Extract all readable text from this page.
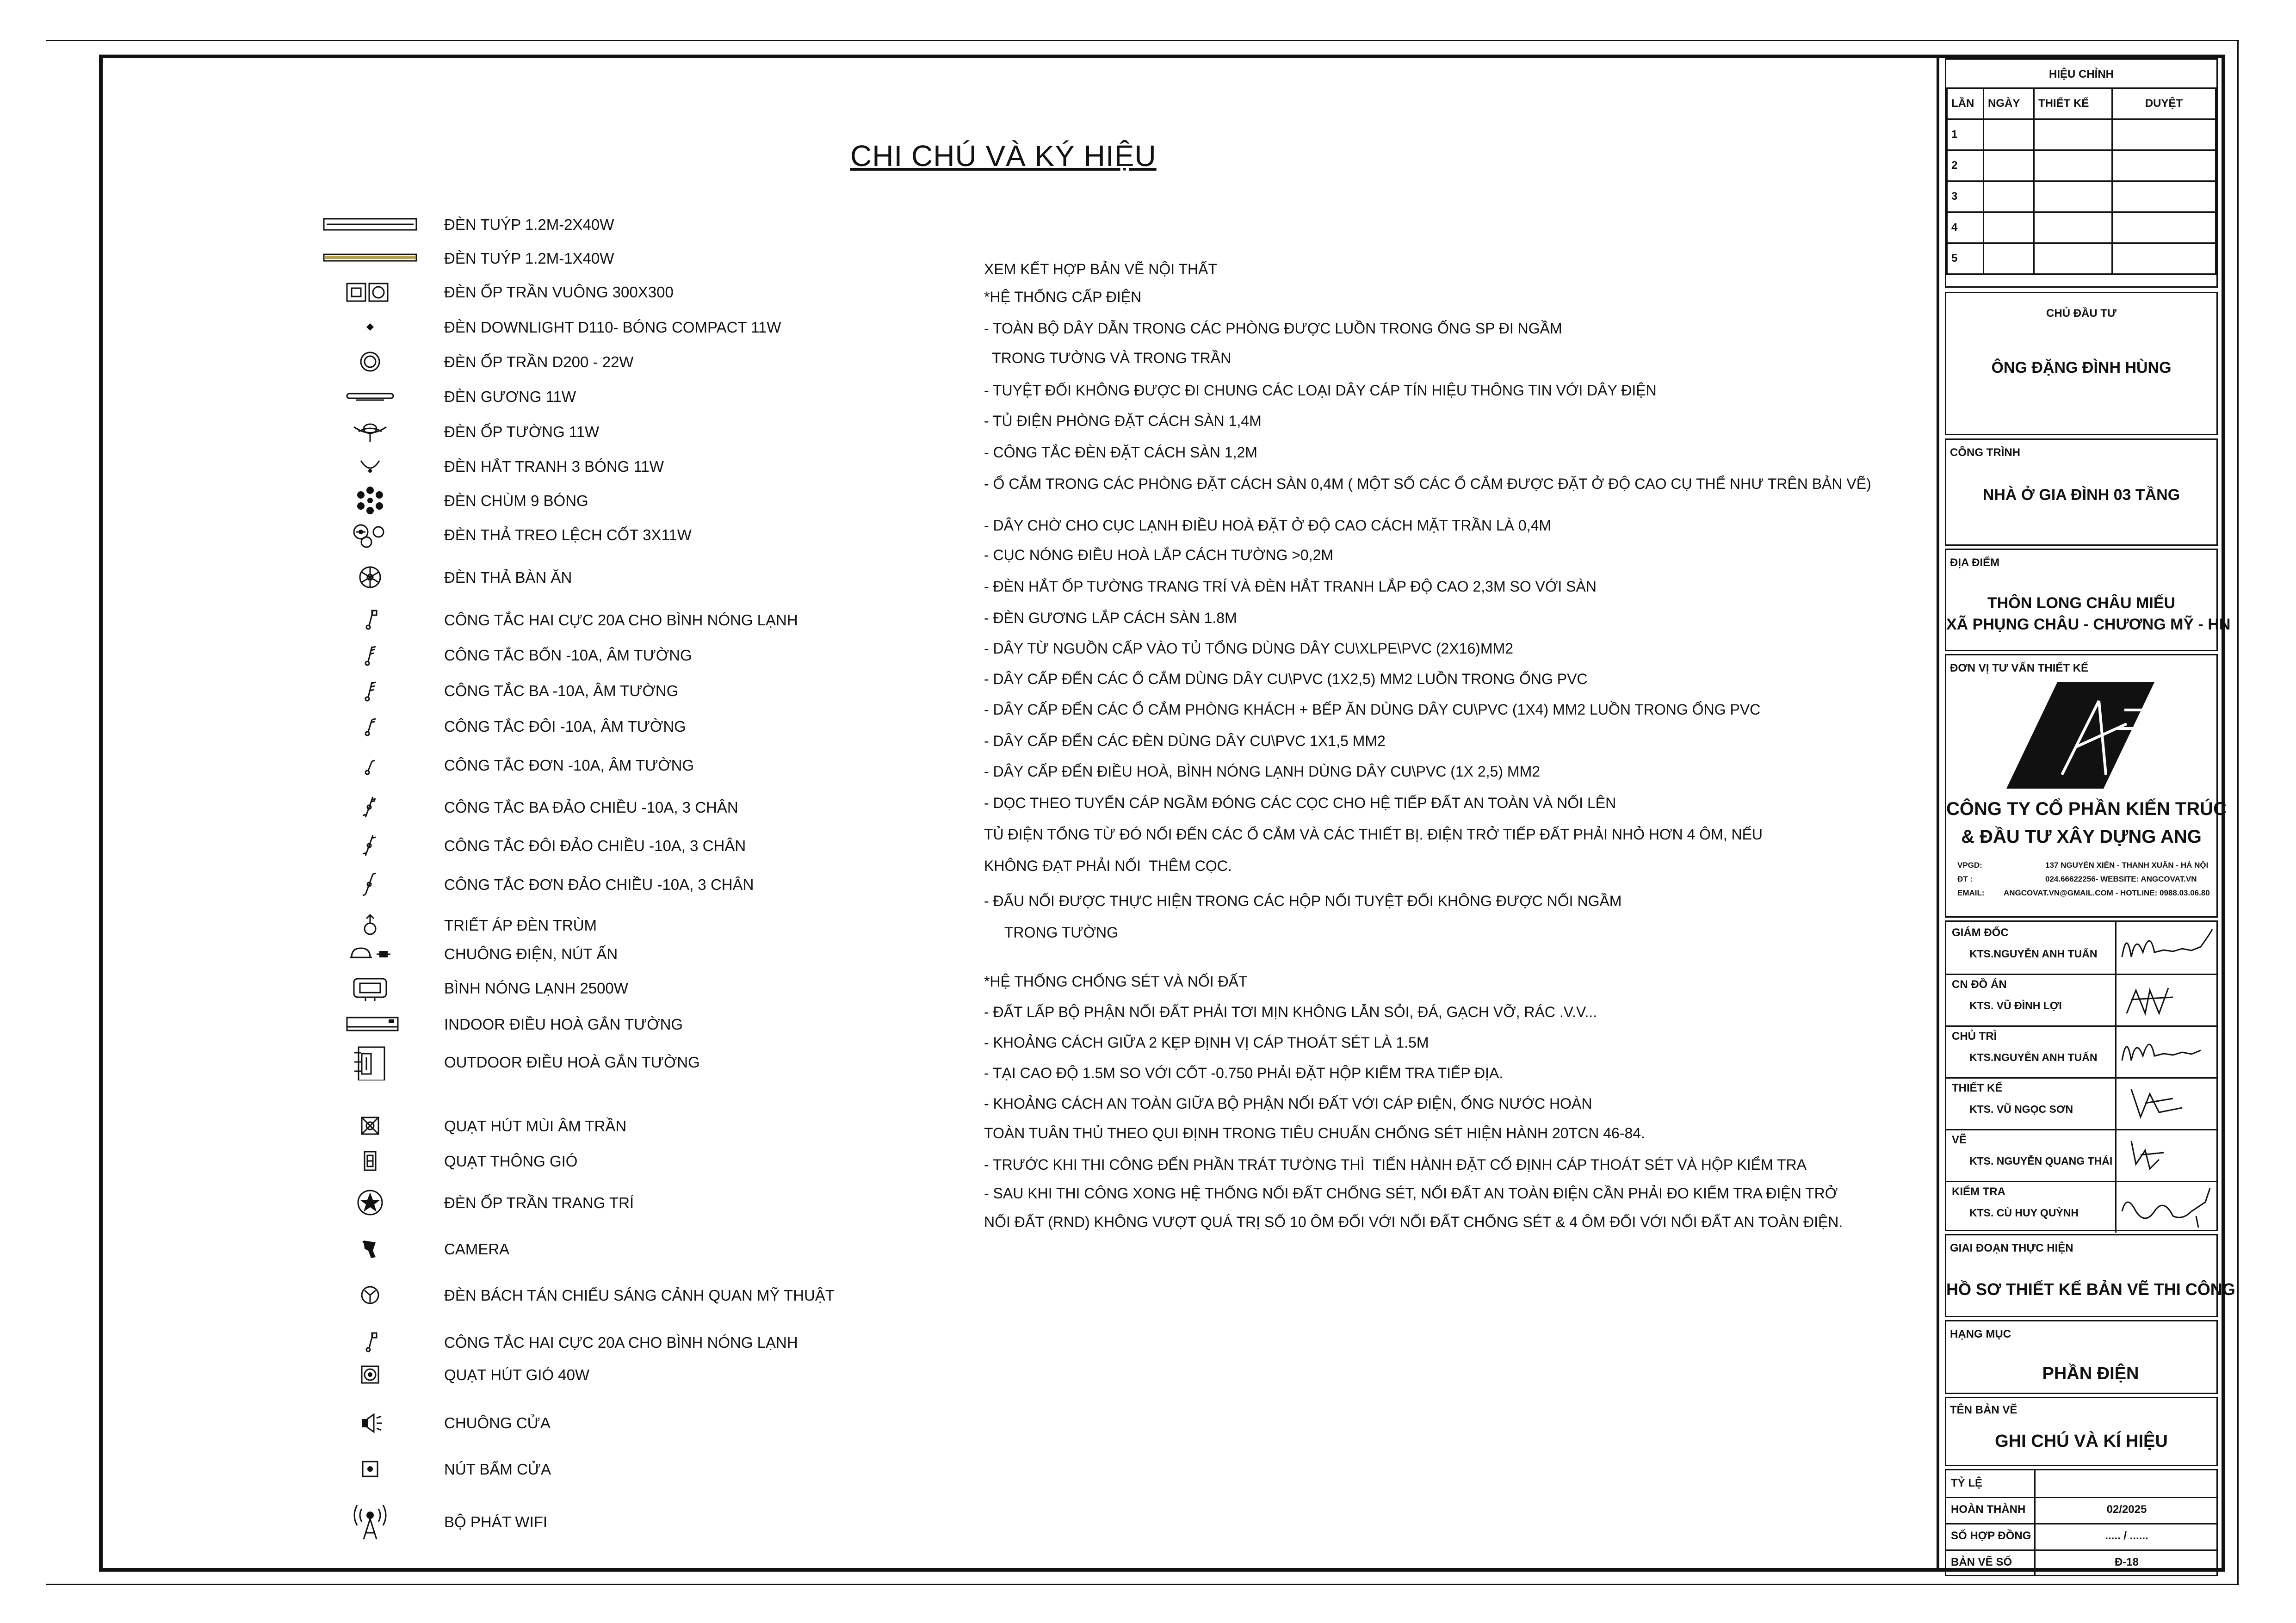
CHI CHÚ VÀ KÝ HIỆU
ĐÈN TUÝP 1.2M-2X40W
ĐÈN TUÝP 1.2M-1X40W
ĐÈN ỐP TRẦN VUÔNG 300X300
ĐÈN DOWNLIGHT D110- BÓNG COMPACT 11W
ĐÈN ỐP TRẦN D200 - 22W
ĐÈN GƯƠNG 11W
ĐÈN ỐP TƯỜNG 11W
ĐÈN HẮT TRANH 3 BÓNG 11W
ĐÈN CHÙM 9 BÓNG
ĐÈN THẢ TREO LỆCH CỐT 3X11W
ĐÈN THẢ BÀN ĂN
CÔNG TẮC HAI CỰC 20A CHO BÌNH NÓNG LẠNH
CÔNG TẮC BỐN -10A, ÂM TƯỜNG
CÔNG TẮC BA -10A, ÂM TƯỜNG
CÔNG TẮC ĐÔI -10A, ÂM TƯỜNG
CÔNG TẮC ĐƠN -10A, ÂM TƯỜNG
CÔNG TẮC BA ĐẢO CHIỀU -10A, 3 CHÂN
CÔNG TẮC ĐÔI ĐẢO CHIỀU -10A, 3 CHÂN
CÔNG TẮC ĐƠN ĐẢO CHIỀU -10A, 3 CHÂN
TRIẾT ÁP ĐÈN TRÙM
CHUÔNG ĐIỆN, NÚT ẤN
BÌNH NÓNG LẠNH 2500W
INDOOR ĐIỀU HOÀ GẮN TƯỜNG
OUTDOOR ĐIỀU HOÀ GẮN TƯỜNG
QUẠT HÚT MÙI ÂM TRẦN
QUẠT THÔNG GIÓ
ĐÈN ỐP TRẦN TRANG TRÍ
CAMERA
ĐÈN BÁCH TÁN CHIẾU SÁNG CẢNH QUAN MỸ THUẬT
CÔNG TẮC HAI CỰC 20A CHO BÌNH NÓNG LẠNH
QUẠT HÚT GIÓ 40W
CHUÔNG CỬA
NÚT BẤM CỬA
BỘ PHÁT WIFI
XEM KẾT HỢP BẢN VẼ NỘI THẤT
*HỆ THỐNG CẤP ĐIỆN
- TOÀN BỘ DÂY DẪN TRONG CÁC PHÒNG ĐƯỢC LUỒN TRONG ỐNG SP ĐI NGẦM
TRONG TƯỜNG VÀ TRONG TRẦN
- TUYỆT ĐỐI KHÔNG ĐƯỢC ĐI CHUNG CÁC LOẠI DÂY CÁP TÍN HIỆU THÔNG TIN VỚI DÂY ĐIỆN
- TỦ ĐIỆN PHÒNG ĐẶT CÁCH SÀN 1,4M
- CÔNG TẮC ĐÈN ĐẶT CÁCH SÀN 1,2M
- Ổ CẮM TRONG CÁC PHÒNG ĐẶT CÁCH SÀN 0,4M ( MỘT SỐ CÁC Ổ CẮM ĐƯỢC ĐẶT Ở ĐỘ CAO CỤ THỂ NHƯ TRÊN BẢN VẼ)
- DÂY CHỜ CHO CỤC LẠNH ĐIỀU HOÀ ĐẶT Ở ĐỘ CAO CÁCH MẶT TRẦN LÀ 0,4M
- CỤC NÓNG ĐIỀU HOÀ LẮP CÁCH TƯỜNG >0,2M
- ĐÈN HẮT ỐP TƯỜNG TRANG TRÍ VÀ ĐÈN HẮT TRANH LẮP ĐỘ CAO 2,3M SO VỚI SÀN
- ĐÈN GƯƠNG LẮP CÁCH SÀN 1.8M
- DÂY TỪ NGUỒN CẤP VÀO TỦ TỔNG DÙNG DÂY CU\XLPE\PVC (2X16)MM2
- DÂY CẤP ĐẾN CÁC Ổ CẮM DÙNG DÂY CU\PVC (1X2,5) MM2 LUỒN TRONG ỐNG PVC
- DÂY CẤP ĐẾN CÁC Ổ CẮM PHÒNG KHÁCH + BẾP ĂN DÙNG DÂY CU\PVC (1X4) MM2 LUỒN TRONG ỐNG PVC
- DÂY CẤP ĐẾN CÁC ĐÈN DÙNG DÂY CU\PVC 1X1,5 MM2
- DÂY CẤP ĐẾN ĐIỀU HOÀ, BÌNH NÓNG LẠNH DÙNG DÂY CU\PVC (1X 2,5) MM2
- DỌC THEO TUYẾN CÁP NGẦM ĐÓNG CÁC CỌC CHO HỆ TIẾP ĐẤT AN TOÀN VÀ NỐI LÊN
TỦ ĐIỆN TỔNG TỪ ĐÓ NỐI ĐẾN CÁC Ổ CẮM VÀ CÁC THIẾT BỊ. ĐIỆN TRỞ TIẾP ĐẤT PHẢI NHỎ HƠN 4 ÔM, NẾU
KHÔNG ĐẠT PHẢI NỐI  THÊM CỌC.
- ĐẤU NỐI ĐƯỢC THỰC HIỆN TRONG CÁC HỘP NỐI TUYỆT ĐỐI KHÔNG ĐƯỢC NỐI NGẦM
TRONG TƯỜNG
*HỆ THỐNG CHỐNG SÉT VÀ NỐI ĐẤT
- ĐẤT LẤP BỘ PHẬN NỐI ĐẤT PHẢI TƠI MỊN KHÔNG LẪN SỎI, ĐÁ, GẠCH VỠ, RÁC .V.V...
- KHOẢNG CÁCH GIỮA 2 KẸP ĐỊNH VỊ CÁP THOÁT SÉT LÀ 1.5M
- TẠI CAO ĐỘ 1.5M SO VỚI CỐT -0.750 PHẢI ĐẶT HỘP KIỂM TRA TIẾP ĐỊA.
- KHOẢNG CÁCH AN TOÀN GIỮA BỘ PHẬN NỐI ĐẤT VỚI CÁP ĐIỆN, ỐNG NƯỚC HOÀN
TOÀN TUÂN THỦ THEO QUI ĐỊNH TRONG TIÊU CHUẨN CHỐNG SÉT HIỆN HÀNH 20TCN 46-84.
- TRƯỚC KHI THI CÔNG ĐẾN PHẦN TRÁT TƯỜNG THÌ  TIẾN HÀNH ĐẶT CỐ ĐỊNH CÁP THOÁT SÉT VÀ HỘP KIỂM TRA
- SAU KHI THI CÔNG XONG HỆ THỐNG NỐI ĐẤT CHỐNG SÉT, NỐI ĐẤT AN TOÀN ĐIỆN CẦN PHẢI ĐO KIỂM TRA ĐIỆN TRỞ
NỐI ĐẤT (RND) KHÔNG VƯỢT QUÁ TRỊ SỐ 10 ÔM ĐỐI VỚI NỐI ĐẤT CHỐNG SÉT & 4 ÔM ĐỐI VỚI NỐI ĐẤT AN TOÀN ĐIỆN.
HIỆU CHỈNH
LẦN	NGÀY	THIẾT KẾ	DUYỆT
1			
2			
3			
4			
5			
CHỦ ĐẦU TƯ
ÔNG ĐẶNG ĐÌNH HÙNG
CÔNG TRÌNH
NHÀ Ở GIA ĐÌNH 03 TẦNG
ĐỊA ĐIỂM
THÔN LONG CHÂU MIẾU
XÃ PHỤNG CHÂU - CHƯƠNG MỸ - HN
ĐƠN VỊ TƯ VẤN THIẾT KẾ
CÔNG TY CỔ PHẦN KIẾN TRÚC
& ĐẦU TƯ XÂY DỰNG ANG
VPGD:	137 NGUYỄN XIỂN - THANH XUÂN - HÀ NỘI
ĐT :	024.66622256- WEBSITE: ANGCOVAT.VN
EMAIL: ANGCOVAT.VN@GMAIL.COM - HOTLINE: 0988.03.06.80
GIÁM ĐỐC
KTS.NGUYỄN ANH TUẤN
CN ĐỒ ÁN
KTS. VŨ ĐÌNH LỢI
CHỦ TRÌ
KTS.NGUYỄN ANH TUẤN
THIẾT KẾ
KTS. VŨ NGỌC SƠN
VẼ
KTS. NGUYỄN QUANG THÁI
KIỂM TRA
KTS. CÙ HUY QUỲNH
GIAI ĐOẠN THỰC HIỆN
HỒ SƠ THIẾT KẾ BẢN VẼ THI CÔNG
HẠNG MỤC
PHẦN ĐIỆN
TÊN BẢN VẼ
GHI CHÚ VÀ KÍ HIỆU
TỶ LỆ
HOÀN THÀNH	02/2025
SỐ HỢP ĐỒNG	..... / ......
BẢN VẼ SỐ	Đ-18
